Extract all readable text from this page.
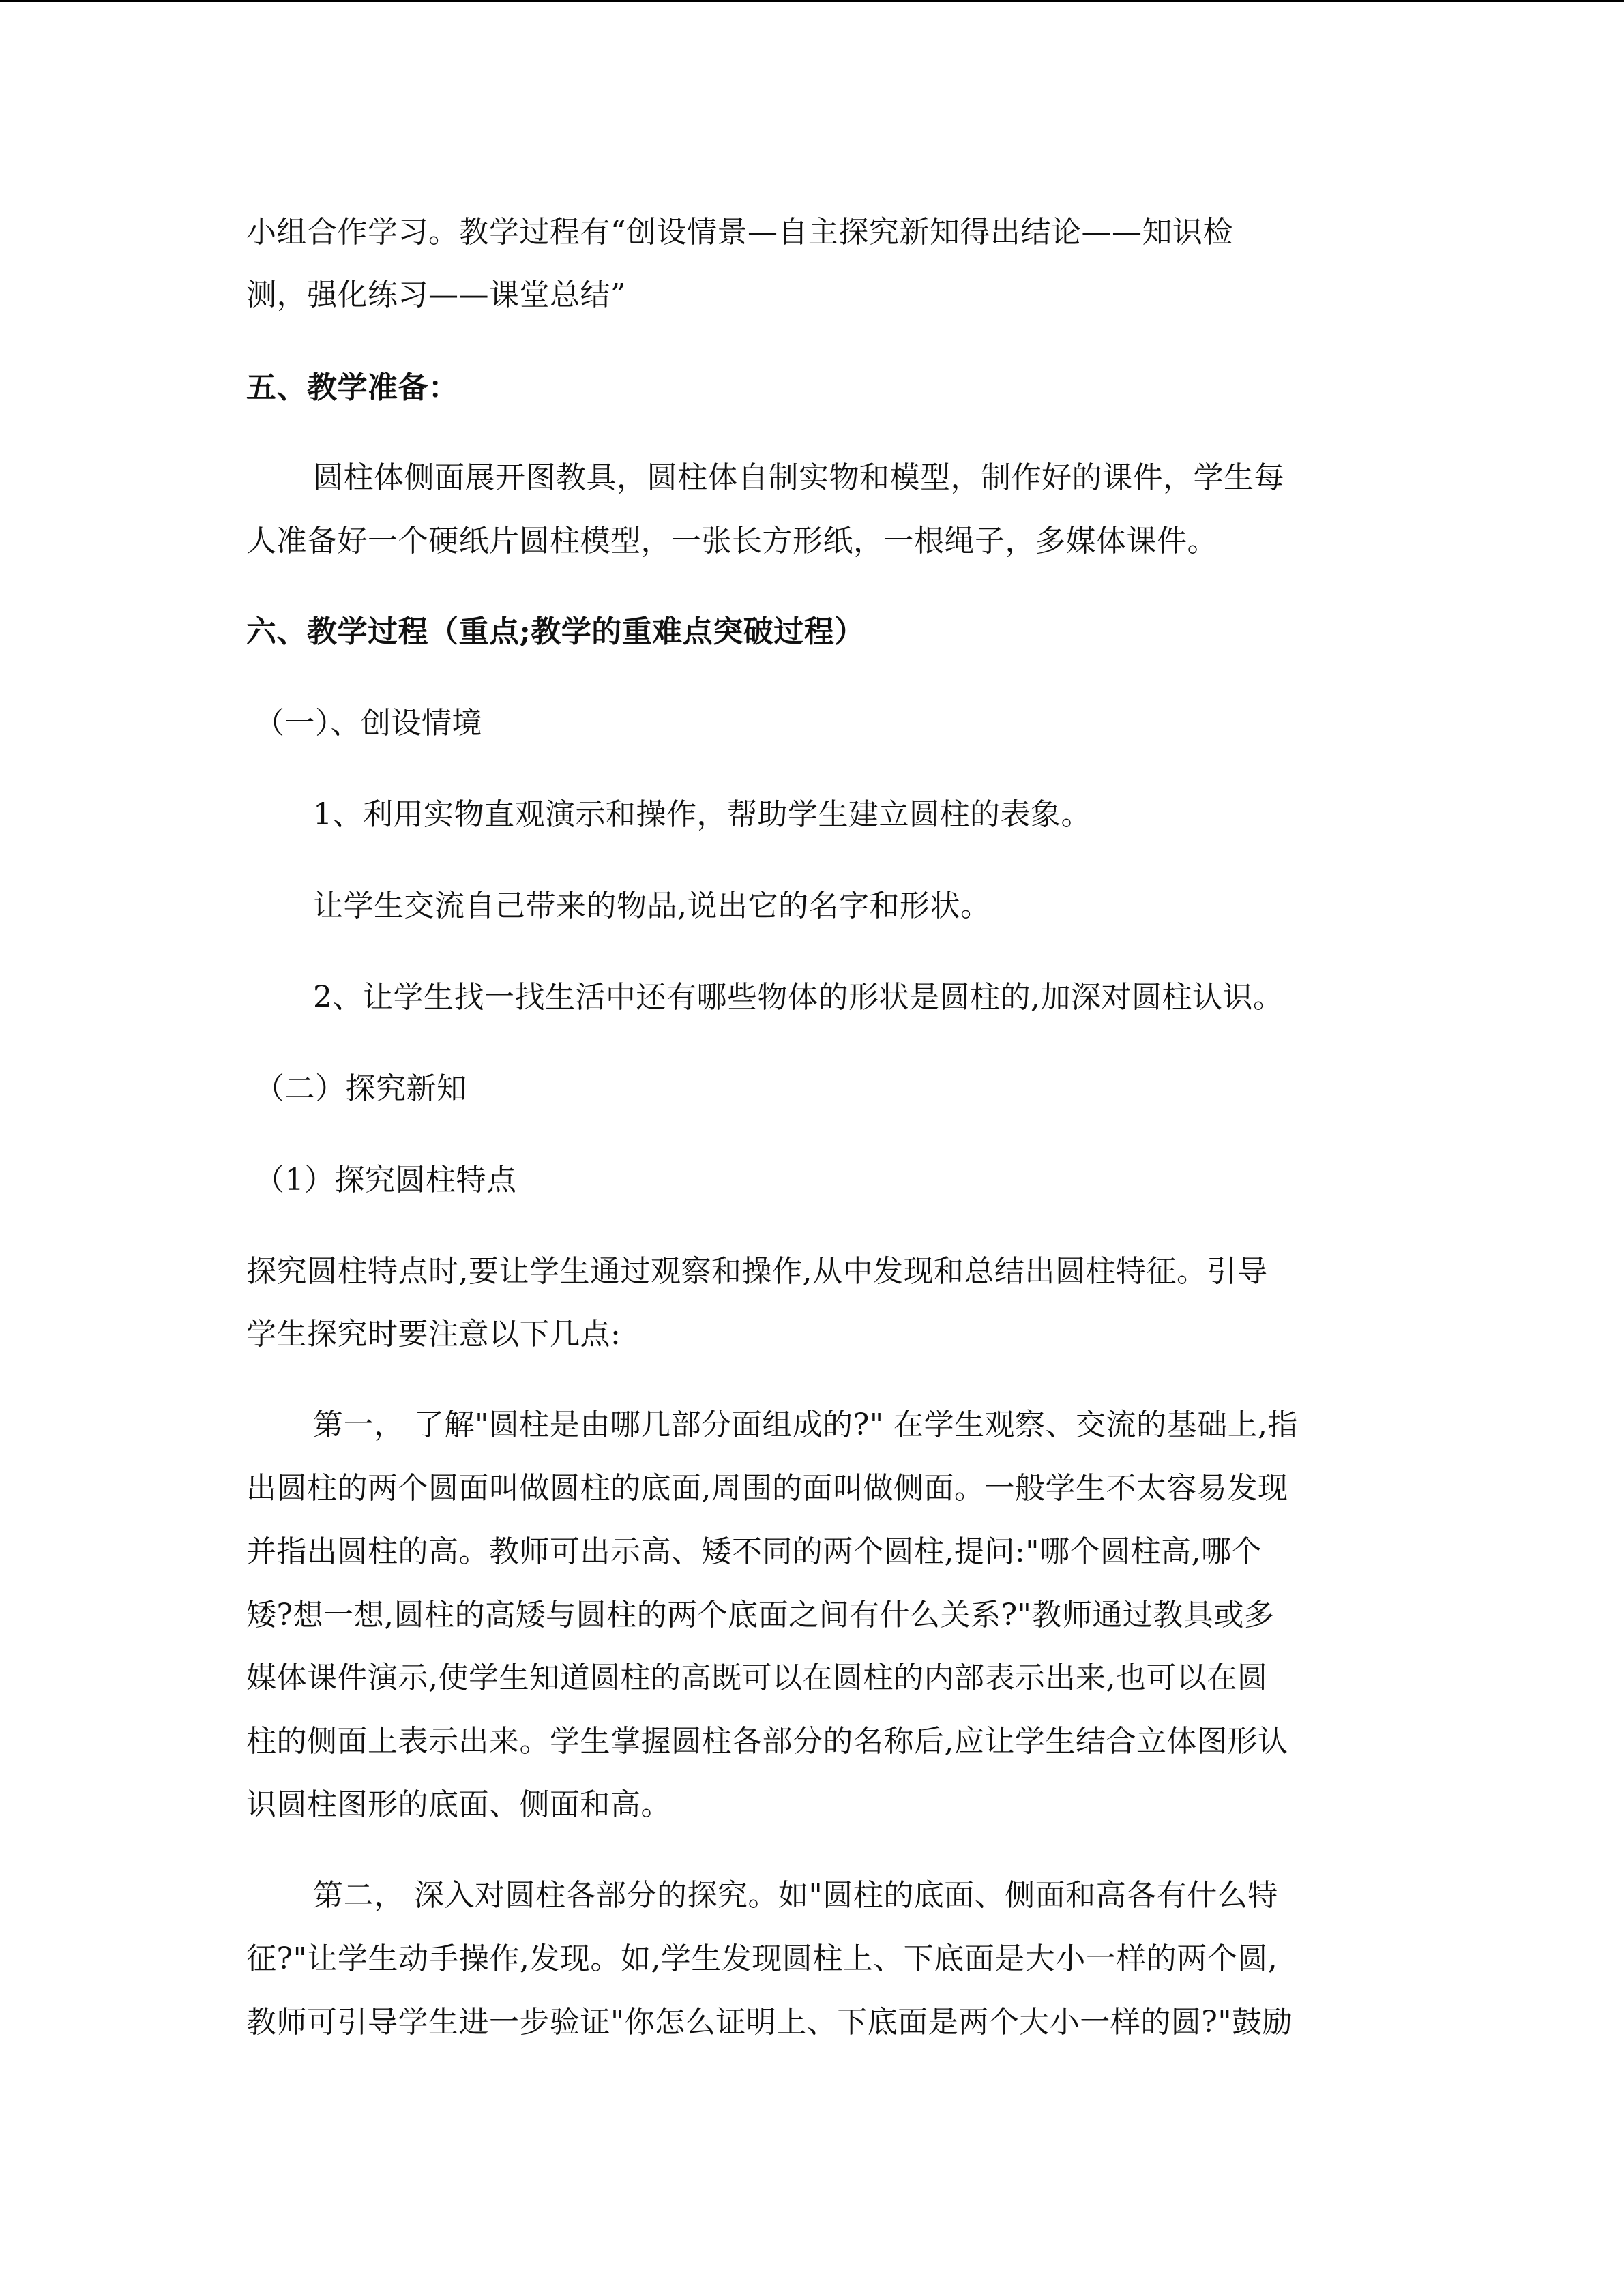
小组合作学习。教学过程有“创设情景—自主探究新知得出结论——知识检
测，强化练习——课堂总结”
五、教学准备：
圆柱体侧面展开图教具，圆柱体自制实物和模型，制作好的课件，学生每
人准备好一个硬纸片圆柱模型，一张长方形纸，一根绳子，多媒体课件。
六、教学过程（重点;教学的重难点突破过程）
（一）、创设情境
1、利用实物直观演示和操作，帮助学生建立圆柱的表象。
让学生交流自己带来的物品,说出它的名字和形状。
2、让学生找一找生活中还有哪些物体的形状是圆柱的,加深对圆柱认识。
（二）探究新知
（1）探究圆柱特点
探究圆柱特点时,要让学生通过观察和操作,从中发现和总结出圆柱特征。引导
学生探究时要注意以下几点:
第一， 了解"圆柱是由哪几部分面组成的?" 在学生观察、交流的基础上,指
出圆柱的两个圆面叫做圆柱的底面,周围的面叫做侧面。一般学生不太容易发现
并指出圆柱的高。教师可出示高、矮不同的两个圆柱,提问:"哪个圆柱高,哪个
矮?想一想,圆柱的高矮与圆柱的两个底面之间有什么关系?"教师通过教具或多
媒体课件演示,使学生知道圆柱的高既可以在圆柱的内部表示出来,也可以在圆
柱的侧面上表示出来。学生掌握圆柱各部分的名称后,应让学生结合立体图形认
识圆柱图形的底面、侧面和高。
第二， 深入对圆柱各部分的探究。如"圆柱的底面、侧面和高各有什么特
征?"让学生动手操作,发现。如,学生发现圆柱上、下底面是大小一样的两个圆,
教师可引导学生进一步验证"你怎么证明上、下底面是两个大小一样的圆?"鼓励
